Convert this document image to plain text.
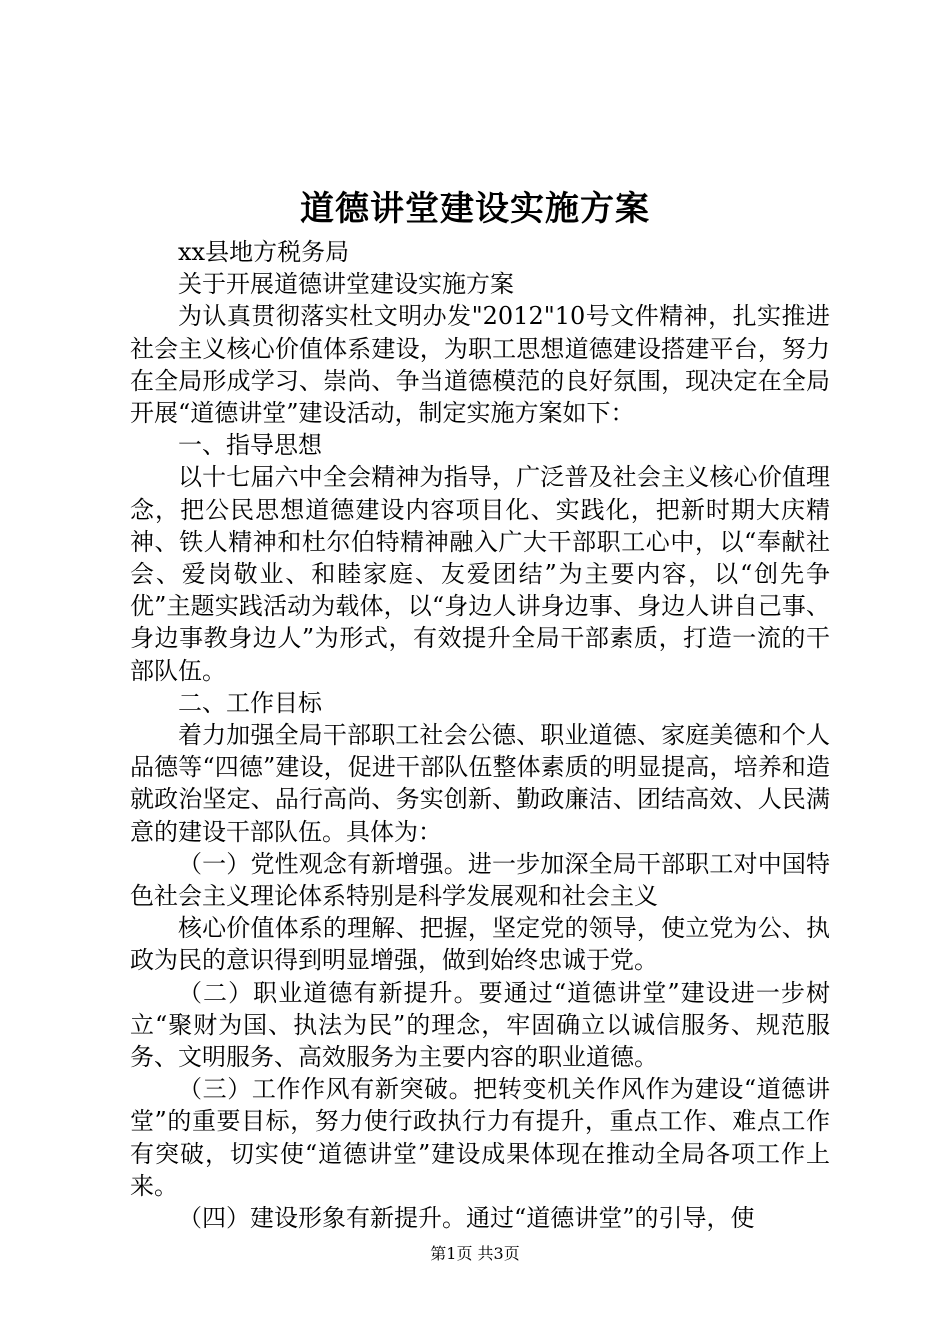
道德讲堂建设实施方案

xx县地方税务局

关于开展道德讲堂建设实施方案

为认真贯彻落实杜文明办发"2012"10号文件精神，扎实推进社会主义核心价值体系建设，为职工思想道德建设搭建平台，努力在全局形成学习、崇尚、争当道德模范的良好氛围，现决定在全局开展“道德讲堂”建设活动，制定实施方案如下：

一、指导思想

以十七届六中全会精神为指导，广泛普及社会主义核心价值理念，把公民思想道德建设内容项目化、实践化，把新时期大庆精神、铁人精神和杜尔伯特精神融入广大干部职工心中，以“奉献社会、爱岗敬业、和睦家庭、友爱团结”为主要内容，以“创先争优”主题实践活动为载体，以“身边人讲身边事、身边人讲自己事、身边事教身边人”为形式，有效提升全局干部素质，打造一流的干部队伍。

二、工作目标

着力加强全局干部职工社会公德、职业道德、家庭美德和个人品德等“四德”建设，促进干部队伍整体素质的明显提高，培养和造就政治坚定、品行高尚、务实创新、勤政廉洁、团结高效、人民满意的建设干部队伍。具体为：

（一）党性观念有新增强。进一步加深全局干部职工对中国特色社会主义理论体系特别是科学发展观和社会主义

核心价值体系的理解、把握，坚定党的领导，使立党为公、执政为民的意识得到明显增强，做到始终忠诚于党。

（二）职业道德有新提升。要通过“道德讲堂”建设进一步树立“聚财为国、执法为民”的理念，牢固确立以诚信服务、规范服务、文明服务、高效服务为主要内容的职业道德。

（三）工作作风有新突破。把转变机关作风作为建设“道德讲堂”的重要目标，努力使行政执行力有提升，重点工作、难点工作有突破，切实使“道德讲堂”建设成果体现在推动全局各项工作上来。

（四）建设形象有新提升。通过“道德讲堂”的引导，使

第1页 共3页
